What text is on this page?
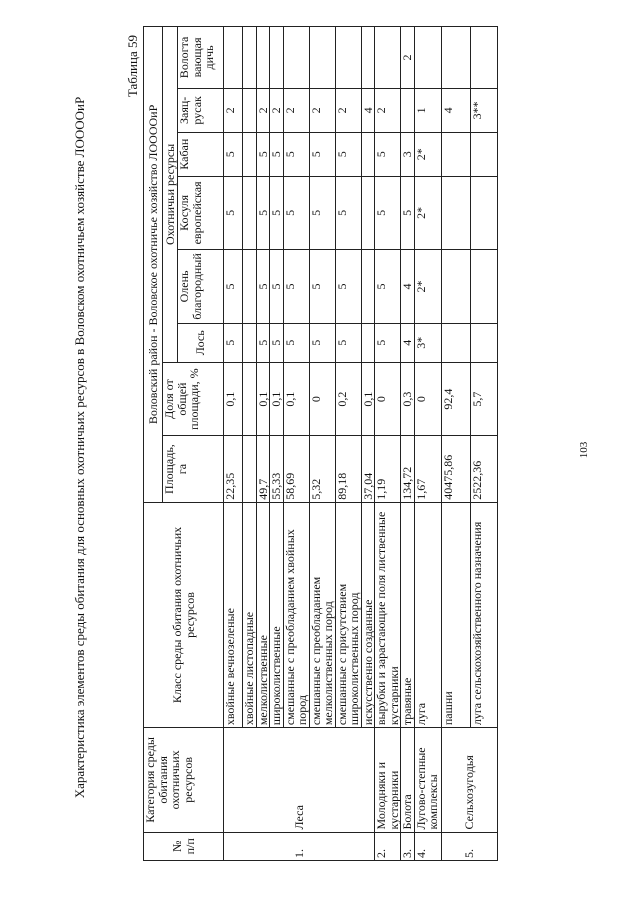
Характеристика элементов среды обитания для основных охотничьих ресурсов в Воловском охотничьем хозяйстве ЛООООиР
Таблица 59
№ п/п	Категория среды обитания охотничьих ресурсов	Класс среды обитания охотничьих ресурсов	Воловский район - Воловское охотничье хозяйство ЛООООиР							
			Площадь, га	Доля от общей площади, %	Охотничьи ресурсы					
					Лось	Олень благородный	Косуля европейская	Кабан	Заяц-русак	Вологта вающая дичь

1.	Леса	хвойные вечнозеленые	22,35	0,1	5	5	5	5	2	
		хвойные листопадные								
		мелколиственные	49,7	0,1	5	5	5	5	2	
		широколиственные	55,33	0,1	5	5	5	5	2	
		смешанные с преобладанием хвойных пород	58,69	0,1	5	5	5	5	2	
		смешанные с преобладанием мелколиственных пород	5,32	0	5	5	5	5	2	
		смешанные с присутствием широколиственных пород	89,18	0,2	5	5	5	5	2	
		искусственно созданные	37,04	0,1					4	
2.	Молодняки и кустарники	вырубки и зарастающие поля лиственные кустарники	1,19	0	5	5	5	5	2	
3.	Болота	травяные	134,72	0,3	4	4	5	3		2
4.	Лугово-степные комплексы	луга	1,67	0	3*	2*	2*	2*	1	
5.	Сельхозугодья	пашни	40475,86	92,4					4	
		луга сельскохозяйственного назначения	2522,36	5,7					3**	
103
